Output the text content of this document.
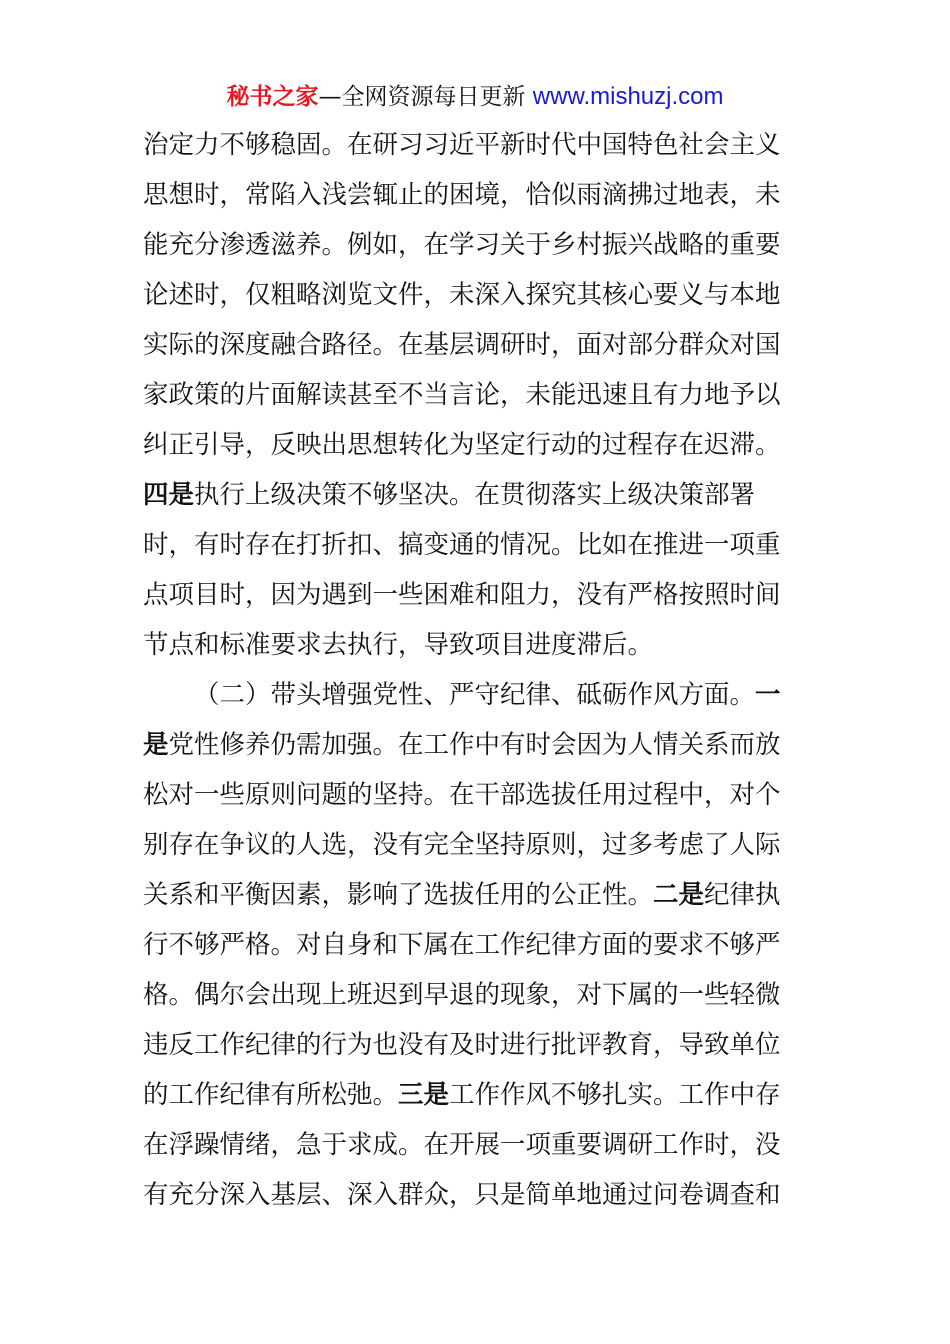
秘书之家—全网资源每日更新 www.mishuzj.com
治定力不够稳固。在研习习近平新时代中国特色社会主义
思想时，常陷入浅尝辄止的困境，恰似雨滴拂过地表，未
能充分渗透滋养。例如，在学习关于乡村振兴战略的重要
论述时，仅粗略浏览文件，未深入探究其核心要义与本地
实际的深度融合路径。在基层调研时，面对部分群众对国
家政策的片面解读甚至不当言论，未能迅速且有力地予以
纠正引导，反映出思想转化为坚定行动的过程存在迟滞。
四是执行上级决策不够坚决。在贯彻落实上级决策部署
时，有时存在打折扣、搞变通的情况。比如在推进一项重
点项目时，因为遇到一些困难和阻力，没有严格按照时间
节点和标准要求去执行，导致项目进度滞后。
（二）带头增强党性、严守纪律、砥砺作风方面。一
是党性修养仍需加强。在工作中有时会因为人情关系而放
松对一些原则问题的坚持。在干部选拔任用过程中，对个
别存在争议的人选，没有完全坚持原则，过多考虑了人际
关系和平衡因素，影响了选拔任用的公正性。二是纪律执
行不够严格。对自身和下属在工作纪律方面的要求不够严
格。偶尔会出现上班迟到早退的现象，对下属的一些轻微
违反工作纪律的行为也没有及时进行批评教育，导致单位
的工作纪律有所松弛。三是工作作风不够扎实。工作中存
在浮躁情绪，急于求成。在开展一项重要调研工作时，没
有充分深入基层、深入群众，只是简单地通过问卷调查和
